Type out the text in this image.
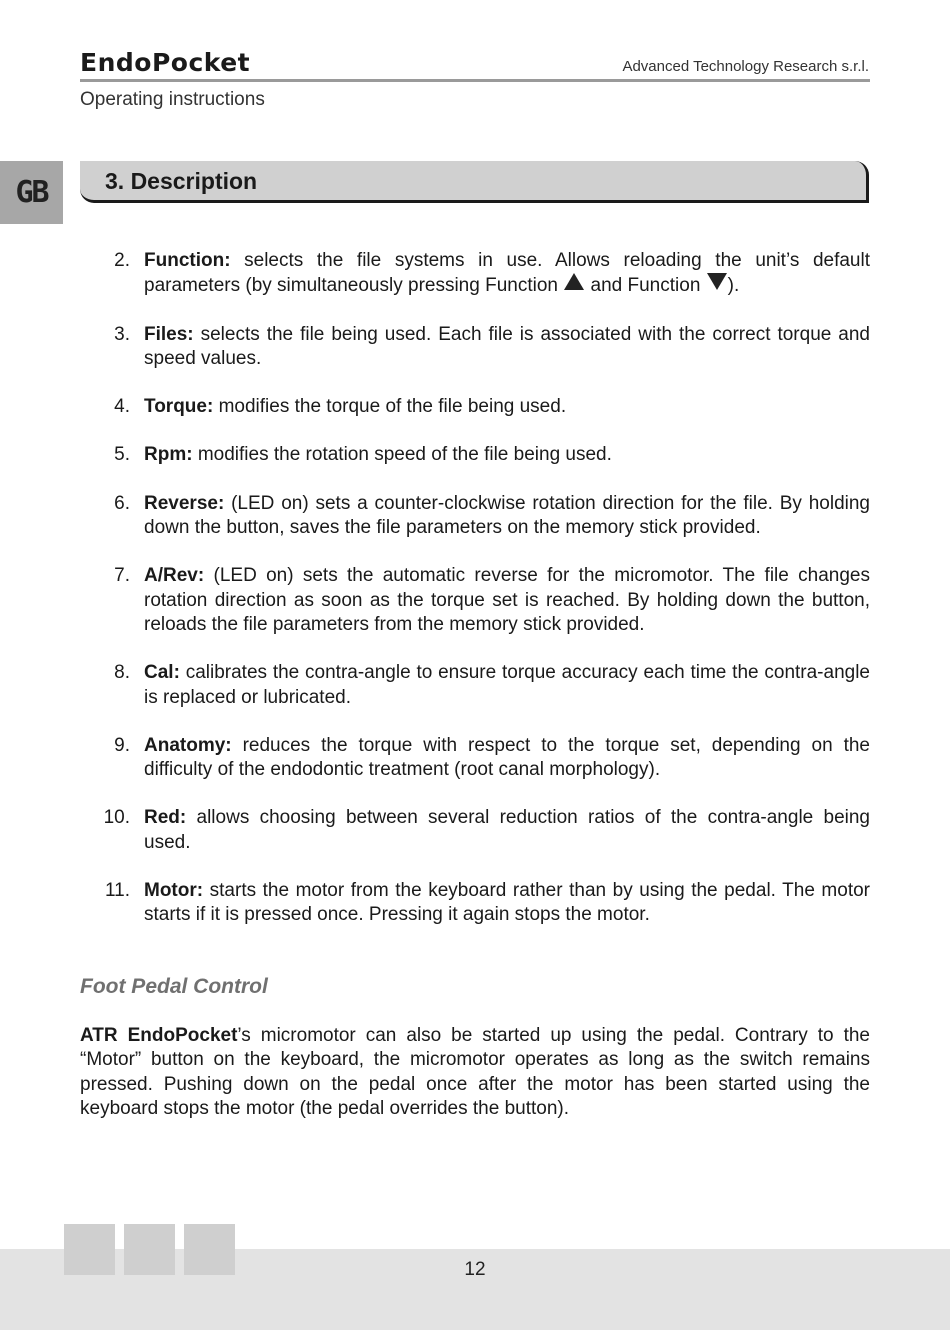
EndoPocket	Advanced Technology Research s.r.l.
Operating instructions
GB	3. Description
2. Function: selects the file systems in use. Allows reloading the unit’s default parameters (by simultaneously pressing Function  and Function ).
3. Files: selects the file being used. Each file is associated with the correct torque and speed values.
4. Torque: modifies the torque of the file being used.
5. Rpm: modifies the rotation speed of the file being used.
6. Reverse: (LED on) sets a counter-clockwise rotation direction for the file. By holding down the button, saves the file parameters on the memory stick provided.
7. A/Rev: (LED on) sets the automatic reverse for the micromotor. The file changes rotation direction as soon as the torque set is reached. By holding down the button, reloads the file parameters from the memory stick provided.
8. Cal: calibrates the contra-angle to ensure torque accuracy each time the contra-angle is replaced or lubricated.
9. Anatomy: reduces the torque with respect to the torque set, depending on the difficulty of the endodontic treatment (root canal morphology).
10. Red: allows choosing between several reduction ratios of the contra-angle being used.
11. Motor: starts the motor from the keyboard rather than by using the pedal. The motor starts if it is pressed once. Pressing it again stops the motor.
Foot Pedal Control
ATR EndoPocket’s micromotor can also be started up using the pedal. Contrary to the “Motor” button on the keyboard, the micromotor operates as long as the switch remains pressed. Pushing down on the pedal once after the motor has been started using the keyboard stops the motor (the pedal overrides the button).
12
